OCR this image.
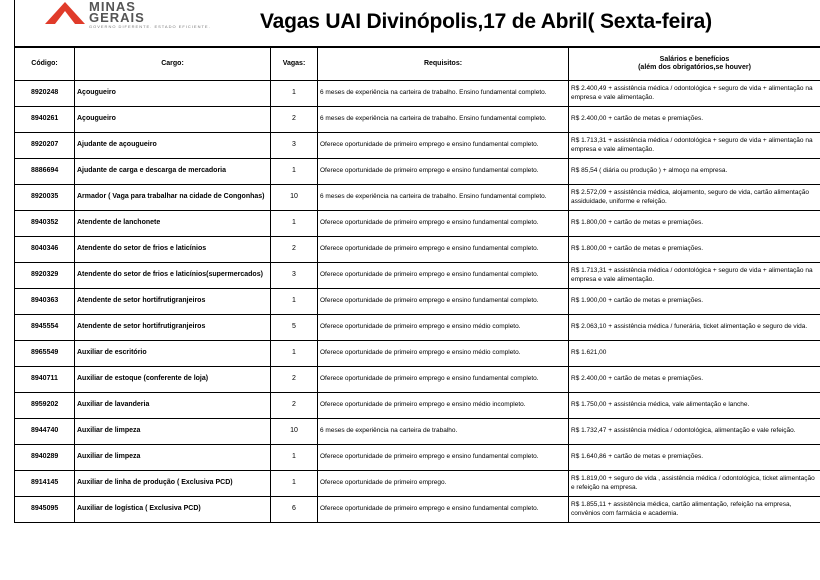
MINAS GERAIS
GOVERNO DIFERENTE. ESTADO EFICIENTE. Vagas UAI Divinópolis,17 de Abril( Sexta-feira)
Código:	Cargo:	Vagas:	Requisitos:	Salários e benefícios
(além dos obrigatórios,se houver)

8920248	Açougueiro	1	6 meses de experiência na carteira de trabalho. Ensino fundamental completo.	R$ 2.400,49 + assistência médica / odontológica + seguro de vida + alimentação na empresa e vale alimentação.
8940261	Açougueiro	2	6 meses de experiência na carteira de trabalho. Ensino fundamental completo.	R$ 2.400,00 + cartão de metas e premiações.
8920207	Ajudante de açougueiro	3	Oferece oportunidade de primeiro emprego e ensino fundamental completo.	R$ 1.713,31 + assistência médica / odontológica + seguro de vida + alimentação na empresa e vale alimentação.
8886694	Ajudante de carga e descarga de mercadoria	1	Oferece oportunidade de primeiro emprego e ensino fundamental completo.	R$ 85,54 ( diária ou produção ) + almoço na empresa.
8920035	Armador ( Vaga para trabalhar na cidade de Congonhas)	10	6 meses de experiência na carteira de trabalho. Ensino fundamental completo.	R$ 2.572,09 + assistência médica, alojamento, seguro de vida, cartão alimentação assiduidade, uniforme e refeição.
8940352	Atendente de lanchonete	1	Oferece oportunidade de primeiro emprego e ensino fundamental completo.	R$ 1.800,00 + cartão de metas e premiações.
8040346	Atendente do setor de frios e laticínios	2	Oferece oportunidade de primeiro emprego e ensino fundamental completo.	R$ 1.800,00 + cartão de metas e premiações.
8920329	Atendente do setor de frios e laticínios(supermercados)	3	Oferece oportunidade de primeiro emprego e ensino fundamental completo.	R$ 1.713,31 + assistência médica / odontológica + seguro de vida + alimentação na empresa e vale alimentação.
8940363	Atendente de setor hortifrutigranjeiros	1	Oferece oportunidade de primeiro emprego e ensino fundamental completo.	R$ 1.900,00 + cartão de metas e premiações.
8945554	Atendente de setor hortifrutigranjeiros	5	Oferece oportunidade de primeiro emprego e ensino médio completo.	R$ 2.063,10 + assistência médica / funerária, ticket alimentação e seguro de vida.
8965549	Auxiliar de escritório	1	Oferece oportunidade de primeiro emprego e ensino médio completo.	R$ 1.621,00
8940711	Auxiliar de estoque (conferente de loja)	2	Oferece oportunidade de primeiro emprego e ensino fundamental completo.	R$ 2.400,00 + cartão de metas e premiações.
8959202	Auxiliar de lavanderia	2	Oferece oportunidade de primeiro emprego e ensino médio incompleto.	R$ 1.750,00 + assistência médica, vale alimentação e lanche.
8944740	Auxiliar de limpeza	10	6 meses de experiência na carteira de trabalho.	R$ 1.732,47 + assistência médica / odontológica, alimentação e vale refeição.
8940289	Auxiliar de limpeza	1	Oferece oportunidade de primeiro emprego e ensino fundamental completo.	R$ 1.640,86 + cartão de metas e premiações.
8914145	Auxiliar de linha de produção ( Exclusiva PCD)	1	Oferece oportunidade de primeiro emprego.	R$ 1.819,00 + seguro de vida , assistência médica / odontológica, ticket alimentação e refeição na empresa.
8945095	Auxiliar de logística ( Exclusiva PCD)	6	Oferece oportunidade de primeiro emprego e ensino fundamental completo.	R$ 1.855,11 + assistência médica, cartão alimentação, refeição na empresa, convênios com farmácia e academia.
